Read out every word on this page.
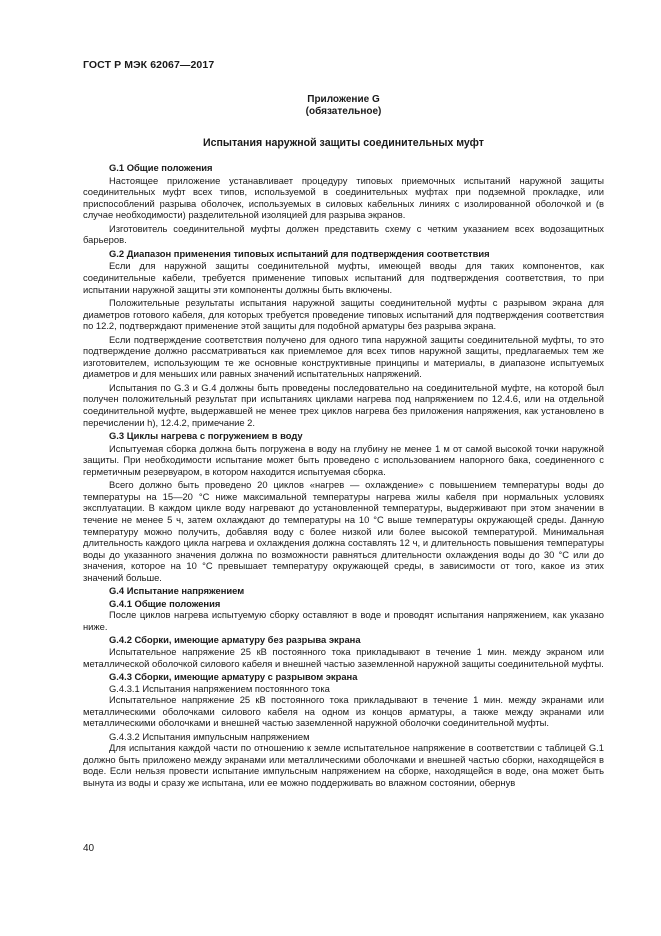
ГОСТ Р МЭК 62067—2017
Приложение G
(обязательное)
Испытания наружной защиты соединительных муфт
G.1 Общие положения

Настоящее приложение устанавливает процедуру типовых приемочных испытаний наружной защиты соединительных муфт всех типов, используемой в соединительных муфтах при подземной прокладке, или приспособлений разрыва оболочек, используемых в силовых кабельных линиях с изолированной оболочкой и (в случае необходимости) разделительной изоляцией для разрыва экранов.

Изготовитель соединительной муфты должен представить схему с четким указанием всех водозащитных барьеров.

G.2 Диапазон применения типовых испытаний для подтверждения соответствия

Если для наружной защиты соединительной муфты, имеющей вводы для таких компонентов, как соединительные кабели, требуется применение типовых испытаний для подтверждения соответствия, то при испытании наружной защиты эти компоненты должны быть включены.

Положительные результаты испытания наружной защиты соединительной муфты с разрывом экрана для диаметров готового кабеля, для которых требуется проведение типовых испытаний для подтверждения соответствия по 12.2, подтверждают применение этой защиты для подобной арматуры без разрыва экрана.

Если подтверждение соответствия получено для одного типа наружной защиты соединительной муфты, то это подтверждение должно рассматриваться как приемлемое для всех типов наружной защиты, предлагаемых тем же изготовителем, использующим те же основные конструктивные принципы и материалы, в диапазоне испытуемых диаметров и для меньших или равных значений испытательных напряжений.

Испытания по G.3 и G.4 должны быть проведены последовательно на соединительной муфте, на которой был получен положительный результат при испытаниях циклами нагрева под напряжением по 12.4.6, или на отдельной соединительной муфте, выдержавшей не менее трех циклов нагрева без приложения напряжения, как установлено в перечислении h), 12.4.2, примечание 2.

G.3 Циклы нагрева с погружением в воду

Испытуемая сборка должна быть погружена в воду на глубину не менее 1 м от самой высокой точки наружной защиты. При необходимости испытание может быть проведено с использованием напорного бака, соединенного с герметичным резервуаром, в котором находится испытуемая сборка.

Всего должно быть проведено 20 циклов «нагрев — охлаждение» с повышением температуры воды до температуры на 15—20 °С ниже максимальной температуры нагрева жилы кабеля при нормальных условиях эксплуатации. В каждом цикле воду нагревают до установленной температуры, выдерживают при этом значении в течение не менее 5 ч, затем охлаждают до температуры на 10 °С выше температуры окружающей среды. Данную температуру можно получить, добавляя воду с более низкой или более высокой температурой. Минимальная длительность каждого цикла нагрева и охлаждения должна составлять 12 ч, и длительность повышения температуры воды до указанного значения должна по возможности равняться длительности охлаждения воды до 30 °С или до значения, которое на 10 °С превышает температуру окружающей среды, в зависимости от того, какое из этих значений больше.

G.4 Испытание напряжением
G.4.1 Общие положения

После циклов нагрева испытуемую сборку оставляют в воде и проводят испытания напряжением, как указано ниже.

G.4.2 Сборки, имеющие арматуру без разрыва экрана

Испытательное напряжение 25 кВ постоянного тока прикладывают в течение 1 мин. между экраном или металлической оболочкой силового кабеля и внешней частью заземленной наружной защиты соединительной муфты.

G.4.3 Сборки, имеющие арматуру с разрывом экрана
G.4.3.1 Испытания напряжением постоянного тока

Испытательное напряжение 25 кВ постоянного тока прикладывают в течение 1 мин. между экранами или металлическими оболочками силового кабеля на одном из концов арматуры, а также между экранами или металлическими оболочками и внешней частью заземленной наружной оболочки соединительной муфты.

G.4.3.2 Испытания импульсным напряжением

Для испытания каждой части по отношению к земле испытательное напряжение в соответствии с таблицей G.1 должно быть приложено между экранами или металлическими оболочками и внешней частью сборки, находящейся в воде. Если нельзя провести испытание импульсным напряжением на сборке, находящейся в воде, она может быть вынута из воды и сразу же испытана, или ее можно поддерживать во влажном состоянии, обернув

40
